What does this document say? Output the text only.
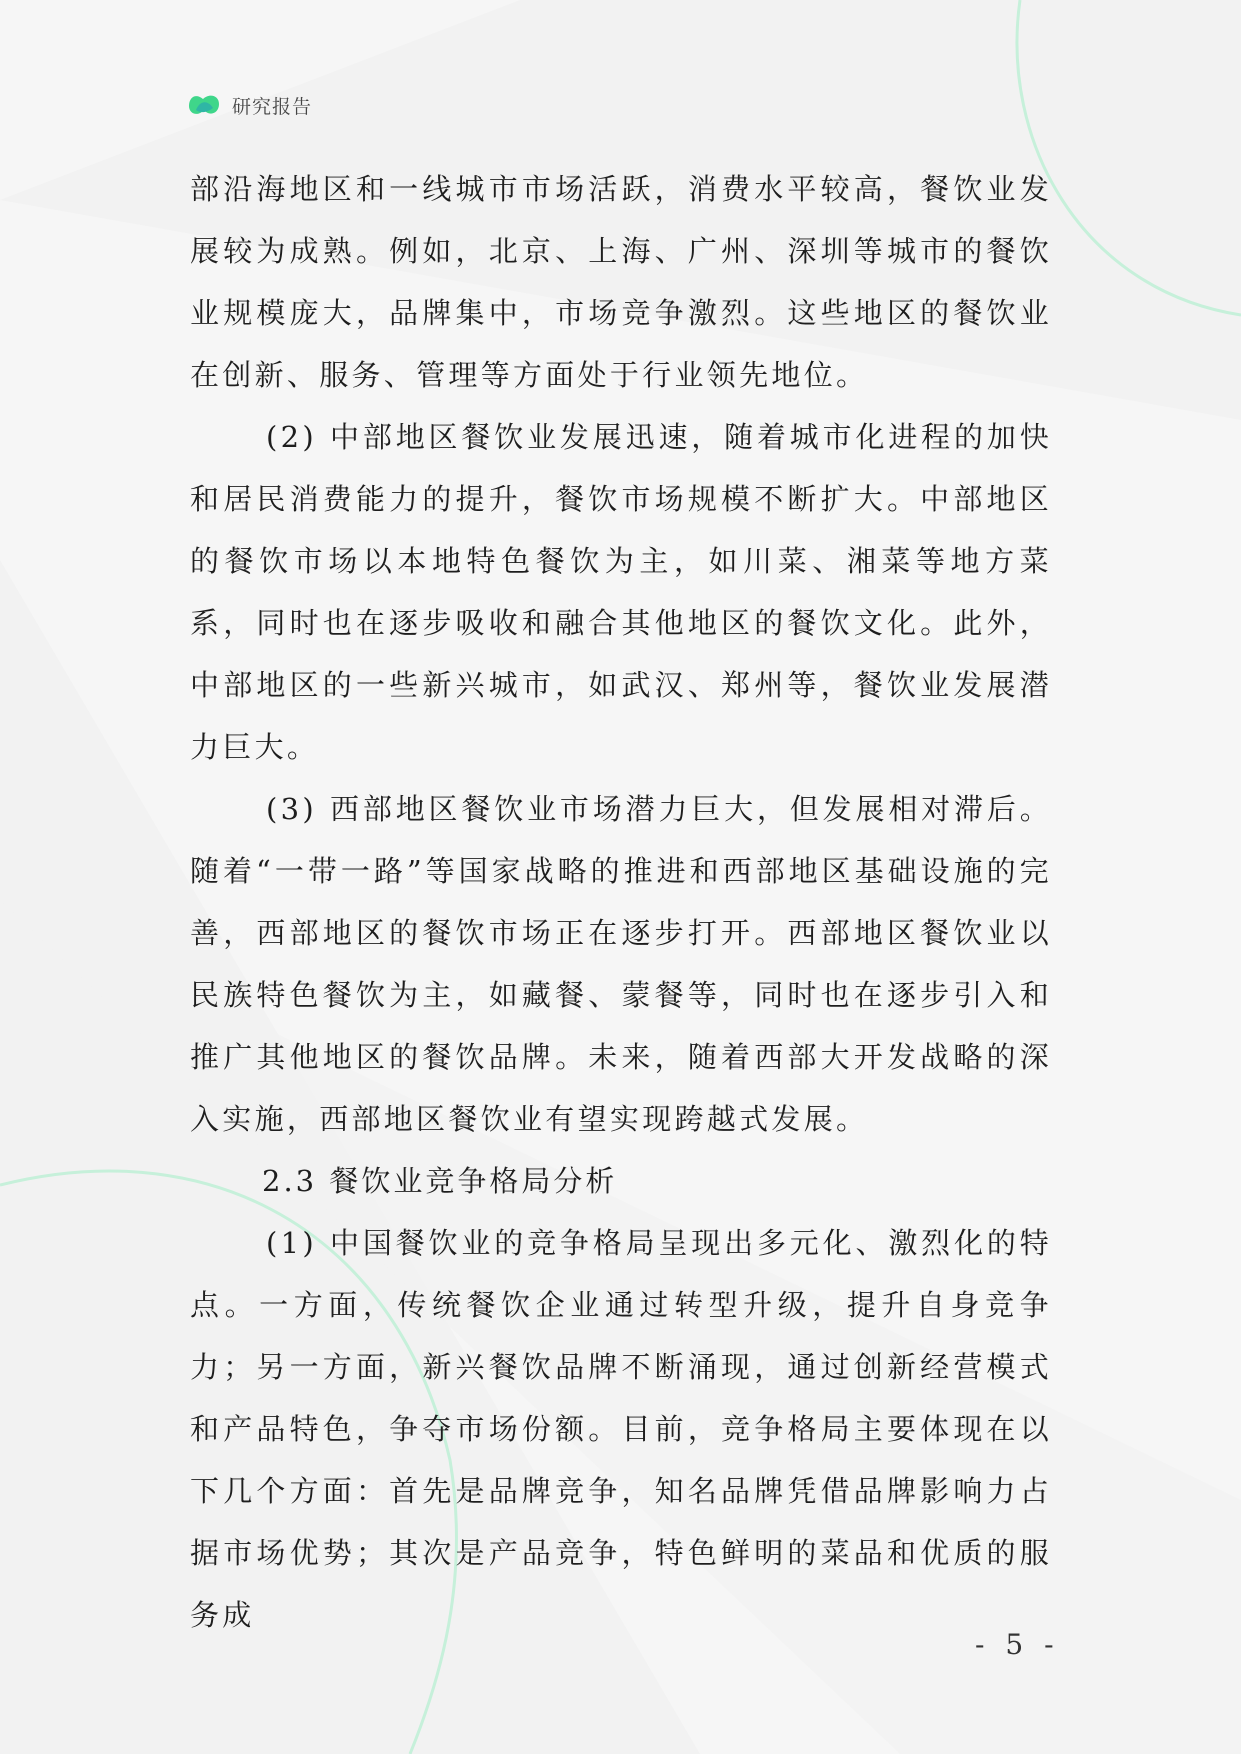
研究报告

部沿海地区和一线城市市场活跃，消费水平较高，餐饮业发展较为成熟。例如，北京、上海、广州、深圳等城市的餐饮业规模庞大，品牌集中，市场竞争激烈。这些地区的餐饮业在创新、服务、管理等方面处于行业领先地位。

(2) 中部地区餐饮业发展迅速，随着城市化进程的加快和居民消费能力的提升，餐饮市场规模不断扩大。中部地区的餐饮市场以本地特色餐饮为主，如川菜、湘菜等地方菜系，同时也在逐步吸收和融合其他地区的餐饮文化。此外，中部地区的一些新兴城市，如武汉、郑州等，餐饮业发展潜力巨大。

(3) 西部地区餐饮业市场潜力巨大，但发展相对滞后。随着“一带一路”等国家战略的推进和西部地区基础设施的完善，西部地区的餐饮市场正在逐步打开。西部地区餐饮业以民族特色餐饮为主，如藏餐、蒙餐等，同时也在逐步引入和推广其他地区的餐饮品牌。未来，随着西部大开发战略的深入实施，西部地区餐饮业有望实现跨越式发展。

2.3 餐饮业竞争格局分析

(1) 中国餐饮业的竞争格局呈现出多元化、激烈化的特点。一方面，传统餐饮企业通过转型升级，提升自身竞争力；另一方面，新兴餐饮品牌不断涌现，通过创新经营模式和产品特色，争夺市场份额。目前，竞争格局主要体现在以下几个方面：首先是品牌竞争，知名品牌凭借品牌影响力占据市场优势；其次是产品竞争，特色鲜明的菜品和优质的服务成

- 5 -
